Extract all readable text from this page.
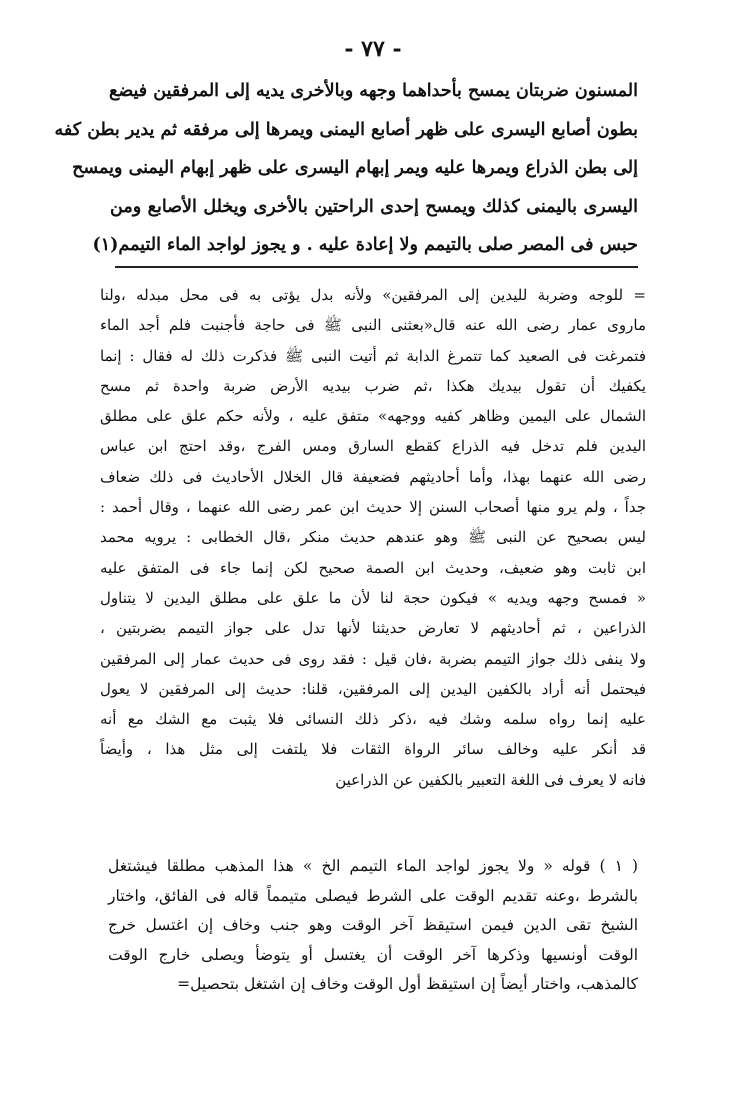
- ٧٧ -
المسنون ضربتان يمسح بأحداهما وجهه وبالأخرى يديه إلى المرفقين فيضع
بطون أصابع اليسرى على ظهر أصابع اليمنى ويمرها إلى مرفقه ثم يدير بطن كفه
إلى بطن الذراع ويمرها عليه ويمر إبهام اليسرى على ظهر إبهام اليمنى ويمسح
اليسرى باليمنى كذلك ويمسح إحدى الراحتين بالأخرى ويخلل الأصابع ومن
حبس فى المصر صلى بالتيمم ولا إعادة عليه . و يجوز لواجد الماء التيمم(١)
= للوجه وضربة لليدين إلى المرفقين» ولأنه بدل يؤتى به فى محل مبدله ،ولنا
ماروى عمار رضى الله عنه قال«بعثنى النبى ﷺ فى حاجة فأجنبت فلم أجد الماء
فتمرغت فى الصعيد كما تتمرغ الدابة ثم أتيت النبى ﷺ فذكرت ذلك له فقال : إنما
يكفيك أن تقول بيديك هكذا ،ثم ضرب بيديه الأرض ضربة واحدة ثم مسح
الشمال على اليمين وظاهر كفيه ووجهه» متفق عليه ، ولأنه حكم علق على مطلق
اليدين فلم تدخل فيه الذراع كقطع السارق ومس الفرج ،وقد احتج ابن عباس
رضى الله عنهما بهذا، وأما أحاديثهم فضعيفة قال الخلال الأحاديث فى ذلك ضعاف
جداً ، ولم يرو منها أصحاب السنن إلا حديث ابن عمر رضى الله عنهما ، وقال أحمد :
ليس بصحيح عن النبى ﷺ وهو عندهم حديث منكر ،قال الخطابى : يرويه محمد
ابن ثابت وهو ضعيف، وحديث ابن الصمة صحيح لكن إنما جاء فى المتفق عليه
« فمسح وجهه ويديه » فيكون حجة لنا لأن ما علق على مطلق اليدين لا يتناول
الذراعين ، ثم أحاديثهم لا تعارض حديثنا لأنها تدل على جواز التيمم بضربتين ،
ولا ينفى ذلك جواز التيمم بضربة ،فان قيل : فقد روى فى حديث عمار إلى المرفقين
فيحتمل أنه أراد بالكفين اليدين إلى المرفقين، قلنا: حديث إلى المرفقين لا يعول
عليه إنما رواه سلمه وشك فيه ،ذكر ذلك النسائى فلا يثبت مع الشك مع أنه
قد أنكر عليه وخالف سائر الرواة الثقات فلا يلتفت إلى مثل هذا ، وأيضاً
فانه لا يعرف فى اللغة التعبير بالكفين عن الذراعين
( ١ ) قوله « ولا يجوز لواجد الماء التيمم الخ » هذا المذهب مطلقا فيشتغل
بالشرط ،وعنه تقديم الوقت على الشرط فيصلى متيمماً قاله فى الفائق، واختار
الشيخ تقى الدين فيمن استيقظ آخر الوقت وهو جنب وخاف إن اغتسل خرج
الوقت أونسيها وذكرها آخر الوقت أن يغتسل أو يتوضأ ويصلى خارج الوقت
كالمذهب، واختار أيضاً إن استيقظ أول الوقت وخاف إن اشتغل بتحصيل=
